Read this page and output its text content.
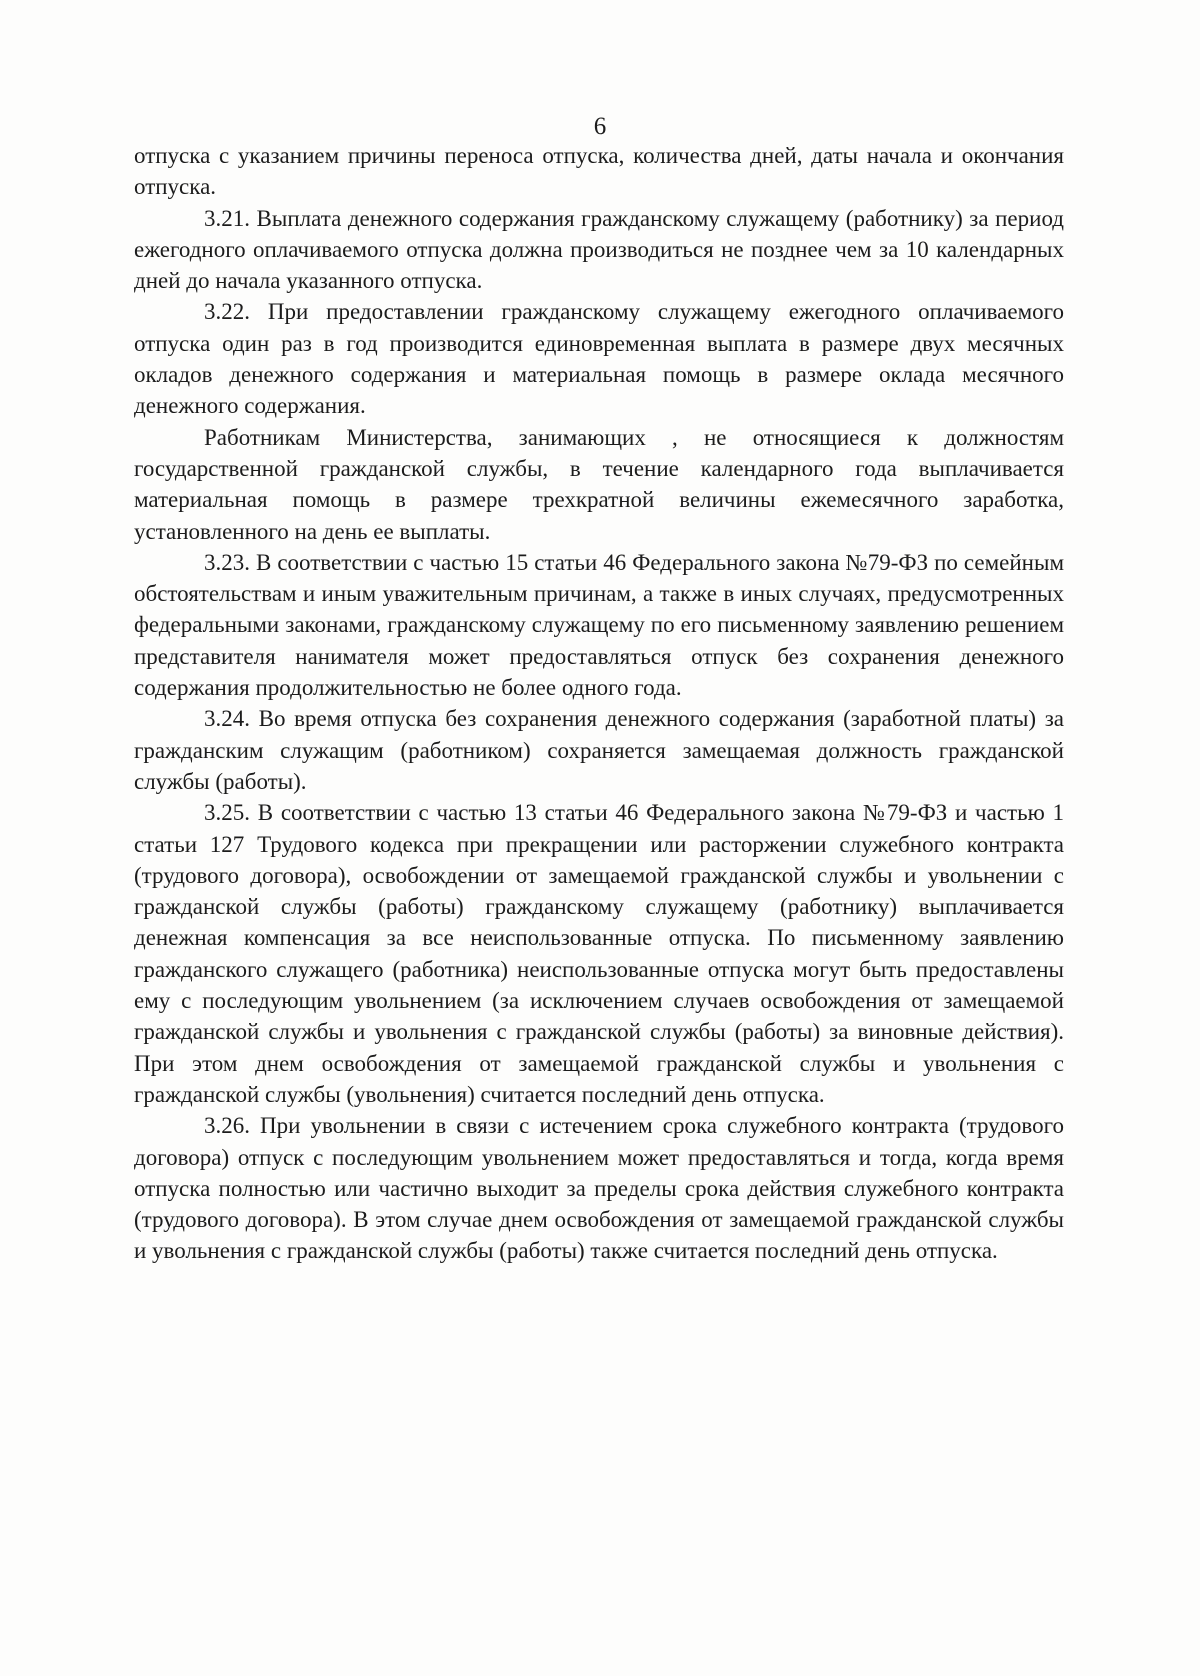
6

отпуска с указанием причины переноса отпуска, количества дней, даты начала и окончания отпуска.

3.21. Выплата денежного содержания гражданскому служащему (работнику) за период ежегодного оплачиваемого отпуска должна производиться не позднее чем за 10 календарных дней до начала указанного отпуска.

3.22. При предоставлении гражданскому служащему ежегодного оплачиваемого отпуска один раз в год производится единовременная выплата в размере двух месячных окладов денежного содержания и материальная помощь в размере оклада месячного денежного содержания.

Работникам Министерства, занимающих , не относящиеся к должностям государственной гражданской службы, в течение календарного года выплачивается материальная помощь в размере трехкратной величины ежемесячного заработка, установленного на день ее выплаты.

3.23. В соответствии с частью 15 статьи 46 Федерального закона №79-ФЗ по семейным обстоятельствам и иным уважительным причинам, а также в иных случаях, предусмотренных федеральными законами, гражданскому служащему по его письменному заявлению решением представителя нанимателя может предоставляться отпуск без сохранения денежного содержания продолжительностью не более одного года.

3.24. Во время отпуска без сохранения денежного содержания (заработной платы) за гражданским служащим (работником) сохраняется замещаемая должность гражданской службы (работы).

3.25. В соответствии с частью 13 статьи 46 Федерального закона №79-ФЗ и частью 1 статьи 127 Трудового кодекса при прекращении или расторжении служебного контракта (трудового договора), освобождении от замещаемой гражданской службы и увольнении с гражданской службы (работы) гражданскому служащему (работнику) выплачивается денежная компенсация за все неиспользованные отпуска. По письменному заявлению гражданского служащего (работника) неиспользованные отпуска могут быть предоставлены ему с последующим увольнением (за исключением случаев освобождения от замещаемой гражданской службы и увольнения с гражданской службы (работы) за виновные действия). При этом днем освобождения от замещаемой гражданской службы и увольнения с гражданской службы (увольнения) считается последний день отпуска.

3.26. При увольнении в связи с истечением срока служебного контракта (трудового договора) отпуск с последующим увольнением может предоставляться и тогда, когда время отпуска полностью или частично выходит за пределы срока действия служебного контракта (трудового договора). В этом случае днем освобождения от замещаемой гражданской службы и увольнения с гражданской службы (работы) также считается последний день отпуска.
